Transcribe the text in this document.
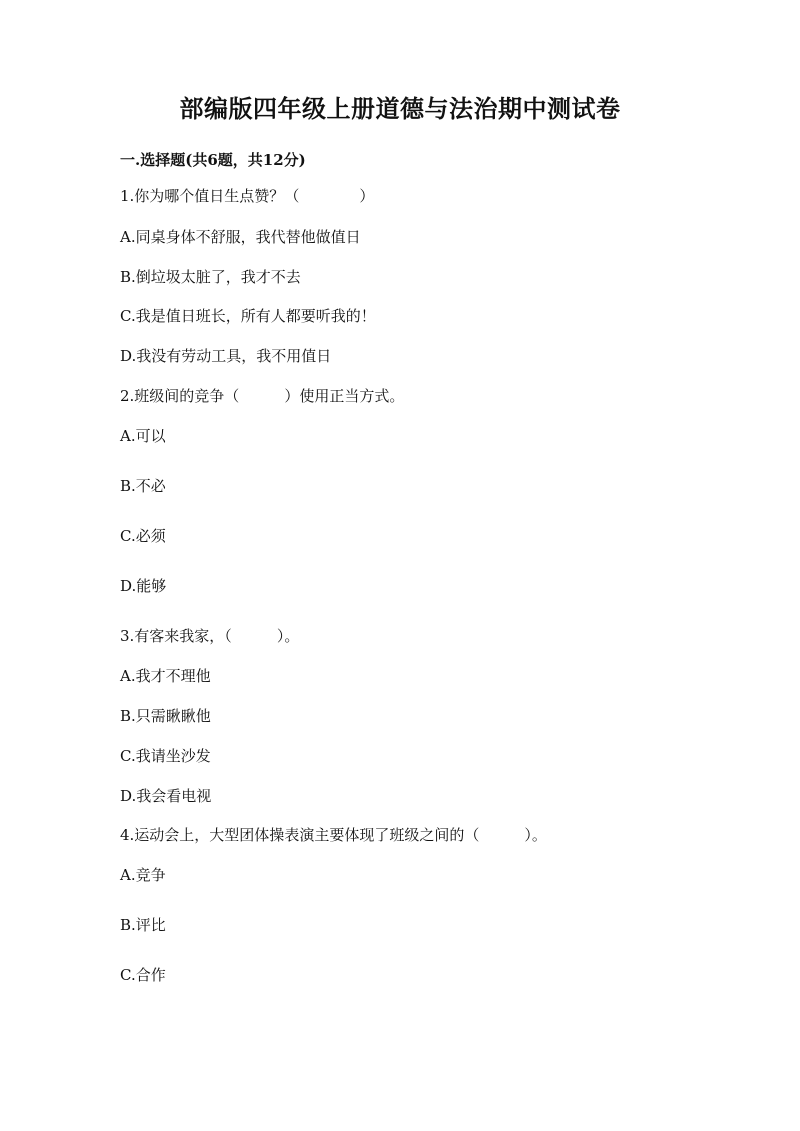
部编版四年级上册道德与法治期中测试卷
一.选择题(共6题，共12分)
1.你为哪个值日生点赞？（　　　　）
A.同桌身体不舒服，我代替他做值日
B.倒垃圾太脏了，我才不去
C.我是值日班长，所有人都要听我的！
D.我没有劳动工具，我不用值日
2.班级间的竞争（　　　）使用正当方式。
A.可以
B.不必
C.必须
D.能够
3.有客来我家，（　　　）。
A.我才不理他
B.只需瞅瞅他
C.我请坐沙发
D.我会看电视
4.运动会上，大型团体操表演主要体现了班级之间的（　　　）。
A.竞争
B.评比
C.合作
